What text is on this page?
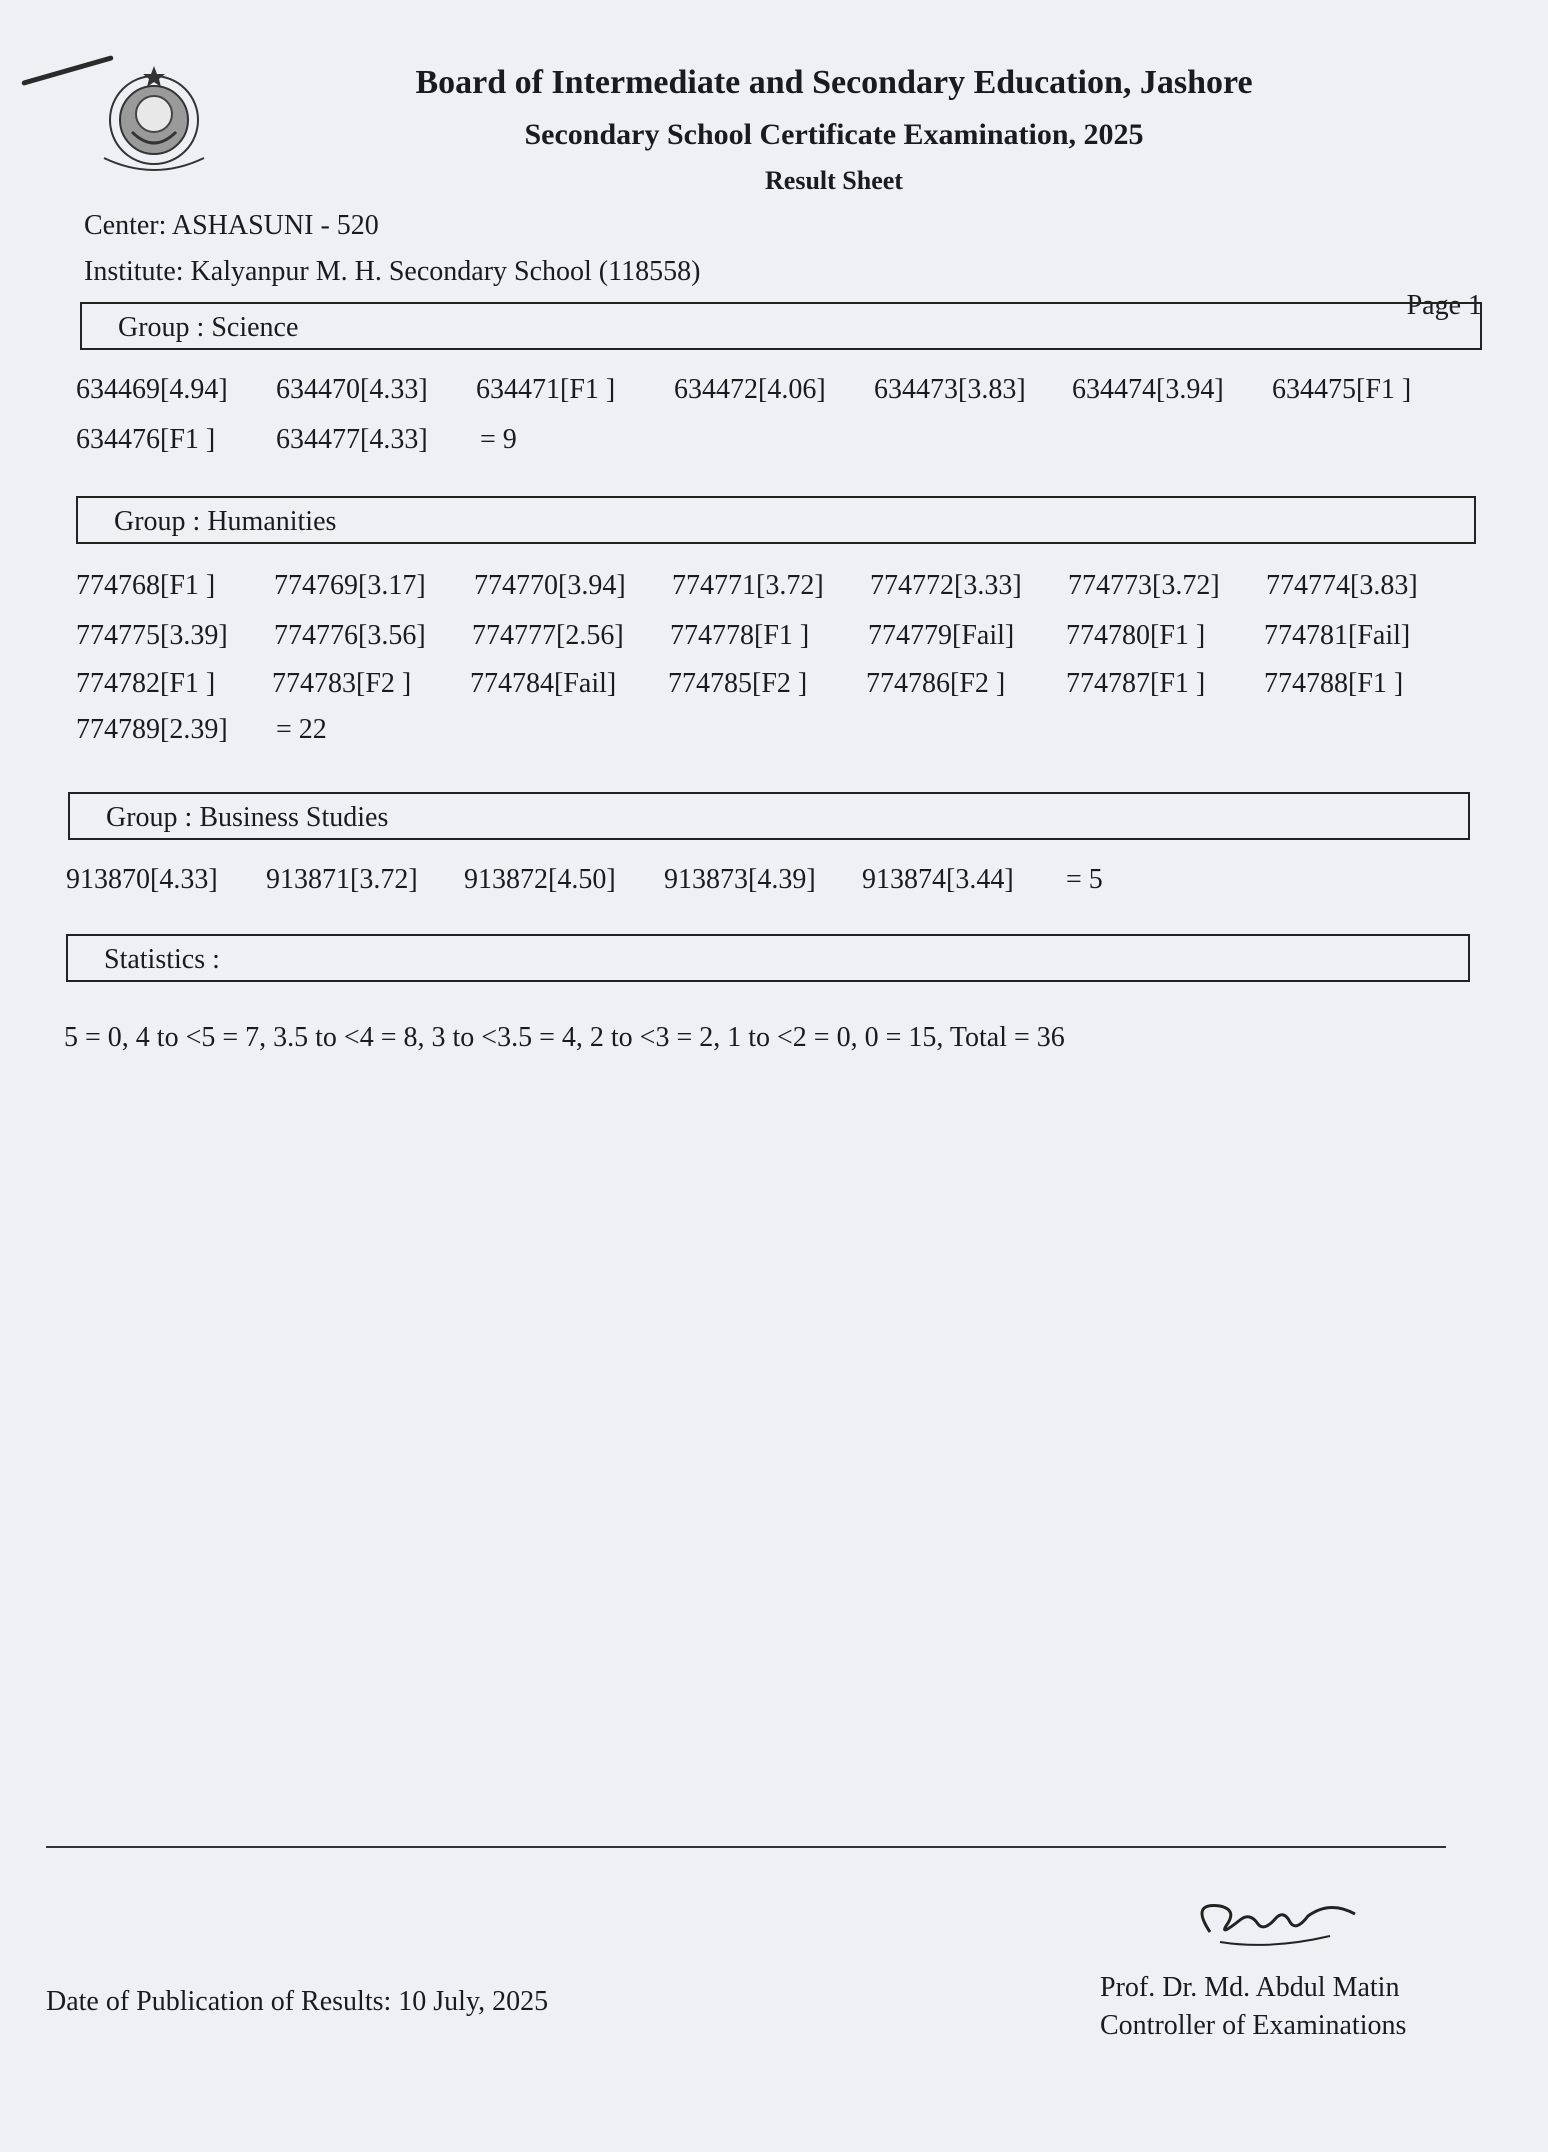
Board of Intermediate and Secondary Education, Jashore
Secondary School Certificate Examination, 2025
Result Sheet
Center: ASHASUNI - 520
Institute: Kalyanpur M. H. Secondary School (118558)
Page 1
Group : Science
634469[4.94] 634470[4.33] 634471[F1 ] 634472[4.06] 634473[3.83] 634474[3.94] 634475[F1 ]
634476[F1 ] 634477[4.33] = 9
Group : Humanities
774768[F1 ] 774769[3.17] 774770[3.94] 774771[3.72] 774772[3.33] 774773[3.72] 774774[3.83]
774775[3.39] 774776[3.56] 774777[2.56] 774778[F1 ] 774779[Fail] 774780[F1 ] 774781[Fail]
774782[F1 ] 774783[F2 ] 774784[Fail] 774785[F2 ] 774786[F2 ] 774787[F1 ] 774788[F1 ]
774789[2.39] = 22
Group : Business Studies
913870[4.33] 913871[3.72] 913872[4.50] 913873[4.39] 913874[3.44] = 5
Statistics :
5 = 0, 4 to <5 = 7, 3.5 to <4 = 8, 3 to <3.5 = 4, 2 to <3 = 2, 1 to <2 = 0, 0 = 15, Total = 36
Date of Publication of Results: 10 July, 2025	Prof. Dr. Md. Abdul Matin
Controller of Examinations
